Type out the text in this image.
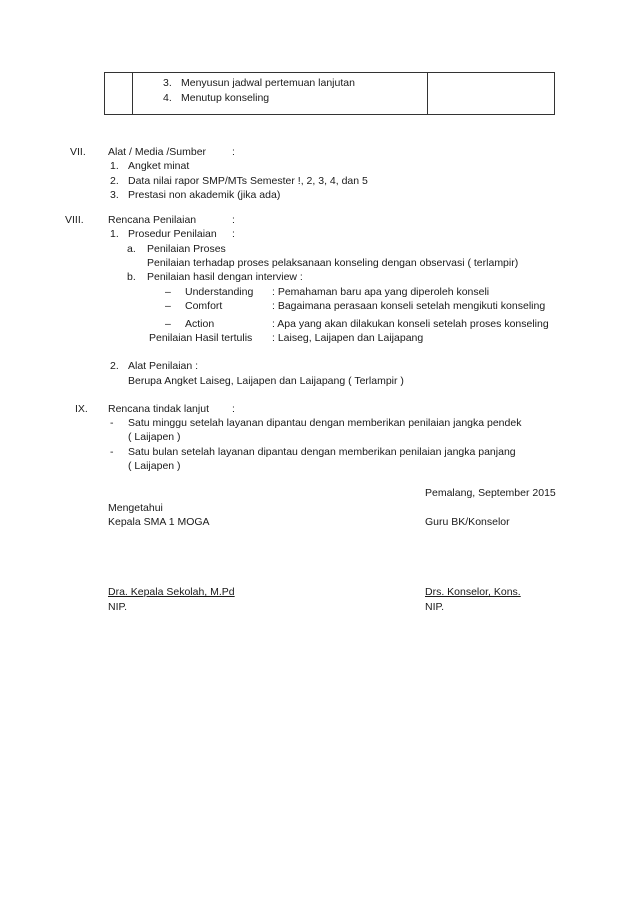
3. Menyusun jadwal pertemuan lanjutan
4. Menutup konseling
VII. Alat / Media /Sumber :
1. Angket minat
2. Data nilai rapor SMP/MTs Semester !, 2, 3, 4, dan 5
3. Prestasi non akademik (jika ada)
VIII. Rencana Penilaian	:
1. Prosedur Penilaian :
a. Penilaian Proses
Penilaian terhadap proses pelaksanaan konseling dengan observasi ( terlampir)
b. Penilaian hasil dengan interview :
– Understanding : Pemahaman baru apa yang diperoleh konseli
– Comfort	: Bagaimana perasaan konseli setelah mengikuti konseling
– Action	: Apa yang akan dilakukan konseli setelah proses konseling
Penilaian Hasil tertulis : Laiseg, Laijapen dan Laijapang
2. Alat Penilaian :
Berupa Angket Laiseg, Laijapen dan Laijapang ( Terlampir )
IX. Rencana tindak lanjut :
- Satu minggu setelah layanan dipantau dengan memberikan penilaian jangka pendek
( Laijapen )
- Satu bulan setelah layanan dipantau dengan memberikan penilaian jangka panjang
( Laijapen )
Pemalang, September 2015
Mengetahui
Kepala SMA 1 MOGA	Guru BK/Konselor
Dra. Kepala Sekolah, M.Pd	Drs. Konselor, Kons.
NIP.	NIP.
